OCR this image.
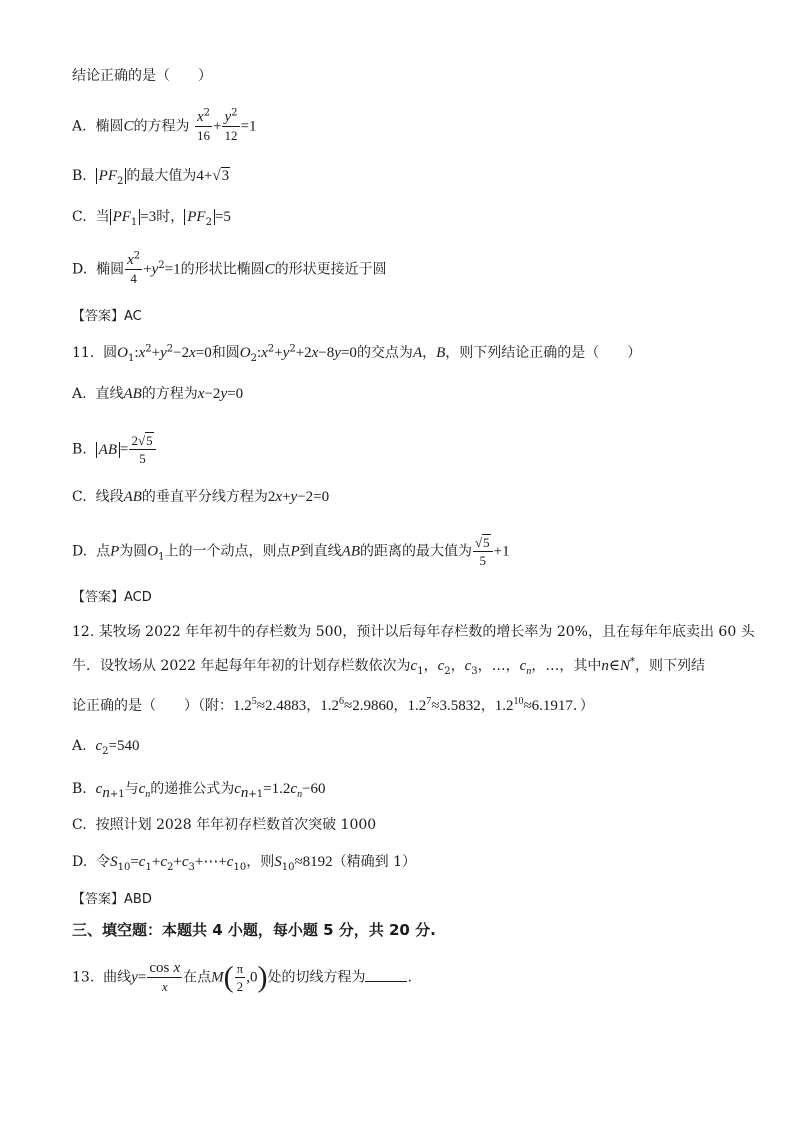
结论正确的是（　　）
A. 椭圆C的方程为 $\frac{x^2}{16} + \frac{y^2}{12} =1$
B. $PF_2$ 的最大值为4+√3
C. 当 $PF_1 =3$时， $PF_2 =5$
D. 椭圆 $\frac{x^2}{4} +y^2=1$的形状比椭圆C的形状更接近于圆
【答案】AC
11. 圆$O_1:x^2+y^2-2x=0$和圆$O_2:x^2+y^2+2x-8y=0$的交点为A，B，则下列结论正确的是（　　）
A. 直线AB的方程为x−2y=0
B. AB = $\frac{2√5}{5}$
C. 线段AB的垂直平分线方程为2x+y−2=0
D. 点P为圆$O_1$上的一个动点，则点P到直线AB的距离的最大值为 $\frac{√5}{5} +1$
【答案】ACD
12. 某牧场 2022 年年初牛的存栏数为 500，预计以后每年存栏数的增长率为 20%，且在每年年底卖出 60 头
牛．设牧场从 2022 年起每年年初的计划存栏数依次为$c_1$，$c_2$，$c_3$，…，$c_n$，…，其中n∈N*，则下列结
论正确的是（　　）（附：$1.2^5\approx 2.4883$，$1.2^6\approx 2.9860$，$1.2^7\approx 3.5832$，$1.2^{10}\approx 6.1917$．）
A. $c_2=540$
B. $c_{n+1}$与$c_n$的递推公式为$c_{n+1}=1.2c_n-60$
C. 按照计划 2028 年年初存栏数首次突破 1000
D. 令$S_{10}=c_1+c_2+c_3+\cdots+c_{10}$，则$S_{10}\approx 8192$（精确到 1）
【答案】ABD
三、填空题：本题共 4 小题，每小题 5 分，共 20 分.
13. 曲线$y= \frac{\text{cos x}}{x}$ 在点$M( \frac{\pi}{2} ,0)$处的切线方程为	.
